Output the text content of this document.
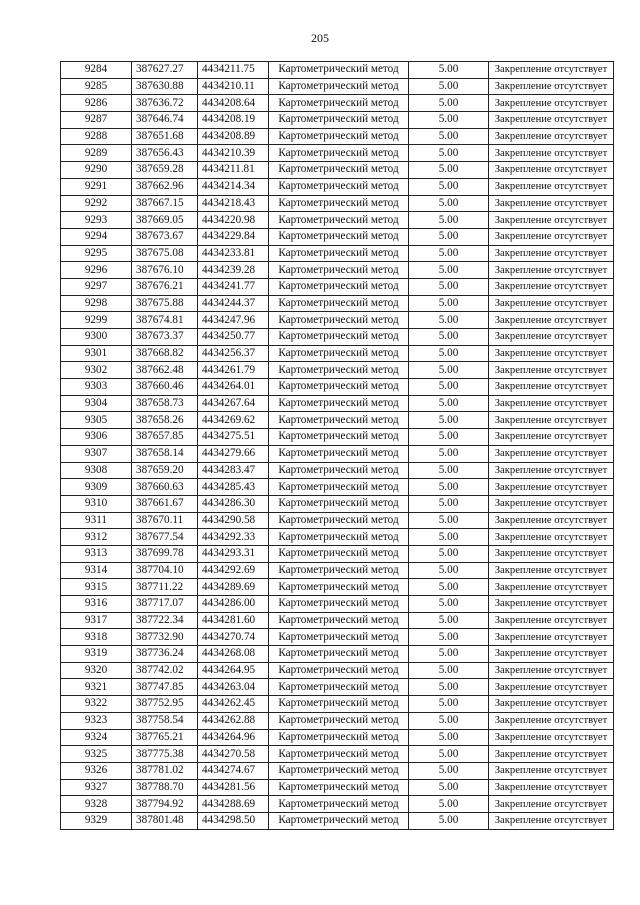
205
9284	387627.27	4434211.75	Картометрический метод	5.00	Закрепление отсутствует
9285	387630.88	4434210.11	Картометрический метод	5.00	Закрепление отсутствует
9286	387636.72	4434208.64	Картометрический метод	5.00	Закрепление отсутствует
9287	387646.74	4434208.19	Картометрический метод	5.00	Закрепление отсутствует
9288	387651.68	4434208.89	Картометрический метод	5.00	Закрепление отсутствует
9289	387656.43	4434210.39	Картометрический метод	5.00	Закрепление отсутствует
9290	387659.28	4434211.81	Картометрический метод	5.00	Закрепление отсутствует
9291	387662.96	4434214.34	Картометрический метод	5.00	Закрепление отсутствует
9292	387667.15	4434218.43	Картометрический метод	5.00	Закрепление отсутствует
9293	387669.05	4434220.98	Картометрический метод	5.00	Закрепление отсутствует
9294	387673.67	4434229.84	Картометрический метод	5.00	Закрепление отсутствует
9295	387675.08	4434233.81	Картометрический метод	5.00	Закрепление отсутствует
9296	387676.10	4434239.28	Картометрический метод	5.00	Закрепление отсутствует
9297	387676.21	4434241.77	Картометрический метод	5.00	Закрепление отсутствует
9298	387675.88	4434244.37	Картометрический метод	5.00	Закрепление отсутствует
9299	387674.81	4434247.96	Картометрический метод	5.00	Закрепление отсутствует
9300	387673.37	4434250.77	Картометрический метод	5.00	Закрепление отсутствует
9301	387668.82	4434256.37	Картометрический метод	5.00	Закрепление отсутствует
9302	387662.48	4434261.79	Картометрический метод	5.00	Закрепление отсутствует
9303	387660.46	4434264.01	Картометрический метод	5.00	Закрепление отсутствует
9304	387658.73	4434267.64	Картометрический метод	5.00	Закрепление отсутствует
9305	387658.26	4434269.62	Картометрический метод	5.00	Закрепление отсутствует
9306	387657.85	4434275.51	Картометрический метод	5.00	Закрепление отсутствует
9307	387658.14	4434279.66	Картометрический метод	5.00	Закрепление отсутствует
9308	387659.20	4434283.47	Картометрический метод	5.00	Закрепление отсутствует
9309	387660.63	4434285.43	Картометрический метод	5.00	Закрепление отсутствует
9310	387661.67	4434286.30	Картометрический метод	5.00	Закрепление отсутствует
9311	387670.11	4434290.58	Картометрический метод	5.00	Закрепление отсутствует
9312	387677.54	4434292.33	Картометрический метод	5.00	Закрепление отсутствует
9313	387699.78	4434293.31	Картометрический метод	5.00	Закрепление отсутствует
9314	387704.10	4434292.69	Картометрический метод	5.00	Закрепление отсутствует
9315	387711.22	4434289.69	Картометрический метод	5.00	Закрепление отсутствует
9316	387717.07	4434286.00	Картометрический метод	5.00	Закрепление отсутствует
9317	387722.34	4434281.60	Картометрический метод	5.00	Закрепление отсутствует
9318	387732.90	4434270.74	Картометрический метод	5.00	Закрепление отсутствует
9319	387736.24	4434268.08	Картометрический метод	5.00	Закрепление отсутствует
9320	387742.02	4434264.95	Картометрический метод	5.00	Закрепление отсутствует
9321	387747.85	4434263.04	Картометрический метод	5.00	Закрепление отсутствует
9322	387752.95	4434262.45	Картометрический метод	5.00	Закрепление отсутствует
9323	387758.54	4434262.88	Картометрический метод	5.00	Закрепление отсутствует
9324	387765.21	4434264.96	Картометрический метод	5.00	Закрепление отсутствует
9325	387775.38	4434270.58	Картометрический метод	5.00	Закрепление отсутствует
9326	387781.02	4434274.67	Картометрический метод	5.00	Закрепление отсутствует
9327	387788.70	4434281.56	Картометрический метод	5.00	Закрепление отсутствует
9328	387794.92	4434288.69	Картометрический метод	5.00	Закрепление отсутствует
9329	387801.48	4434298.50	Картометрический метод	5.00	Закрепление отсутствует
